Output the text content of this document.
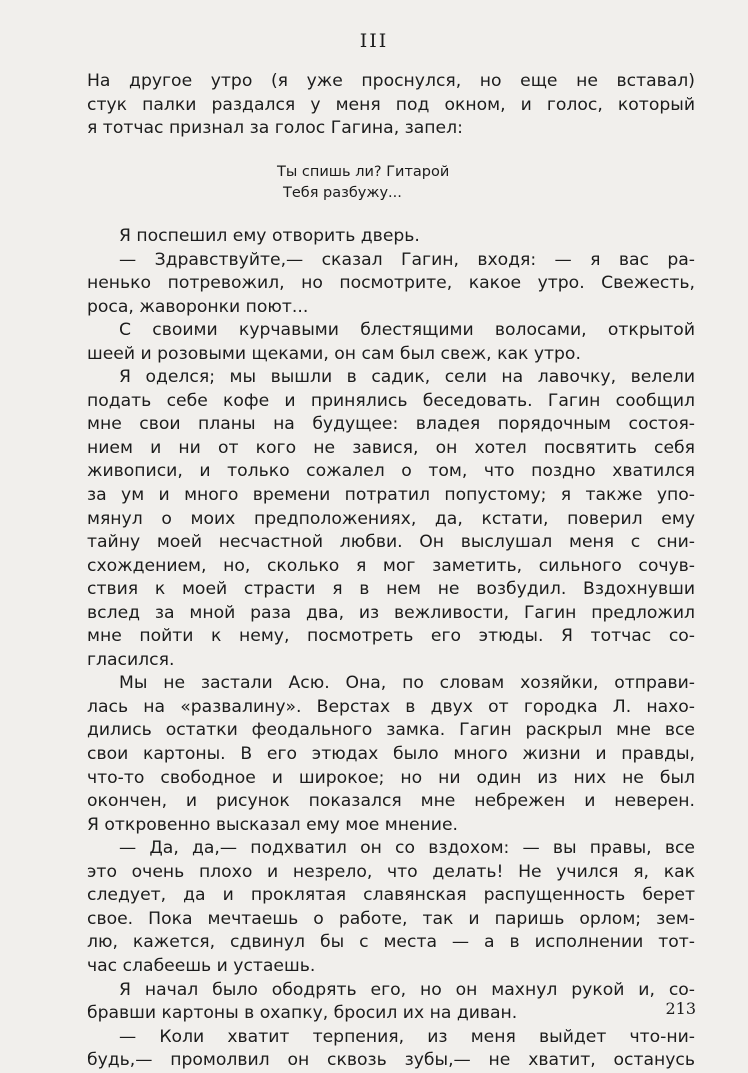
III
На другое утро (я уже проснулся, но еще не вставал)
стук палки раздался у меня под окном, и голос, который
я тотчас признал за голос Гагина, запел:
Ты спишь ли? Гитарой
Тебя разбужу...
Я поспешил ему отворить дверь.
— Здравствуйте,— сказал Гагин, входя: — я вас ра-
ненько потревожил, но посмотрите, какое утро. Свежесть,
роса, жаворонки поют...
С своими курчавыми блестящими волосами, открытой
шеей и розовыми щеками, он сам был свеж, как утро.
Я оделся; мы вышли в садик, сели на лавочку, велели
подать себе кофе и принялись беседовать. Гагин сообщил
мне свои планы на будущее: владея порядочным состоя-
нием и ни от кого не завися, он хотел посвятить себя
живописи, и только сожалел о том, что поздно хватился
за ум и много времени потратил попустому; я также упо-
мянул о моих предположениях, да, кстати, поверил ему
тайну моей несчастной любви. Он выслушал меня с сни-
схождением, но, сколько я мог заметить, сильного сочув-
ствия к моей страсти я в нем не возбудил. Вздохнувши
вслед за мной раза два, из вежливости, Гагин предложил
мне пойти к нему, посмотреть его этюды. Я тотчас со-
гласился.
Мы не застали Асю. Она, по словам хозяйки, отправи-
лась на «развалину». Верстах в двух от городка Л. нахо-
дились остатки феодального замка. Гагин раскрыл мне все
свои картоны. В его этюдах было много жизни и правды,
что-то свободное и широкое; но ни один из них не был
окончен, и рисунок показался мне небрежен и неверен.
Я откровенно высказал ему мое мнение.
— Да, да,— подхватил он со вздохом: — вы правы, все
это очень плохо и незрело, что делать! Не учился я, как
следует, да и проклятая славянская распущенность берет
свое. Пока мечтаешь о работе, так и паришь орлом; зем-
лю, кажется, сдвинул бы с места — а в исполнении тот-
час слабеешь и устаешь.
Я начал было ободрять его, но он махнул рукой и, со-
бравши картоны в охапку, бросил их на диван.
— Коли хватит терпения, из меня выйдет что-ни-
будь,— промолвил он сквозь зубы,— не хватит, останусь
213
